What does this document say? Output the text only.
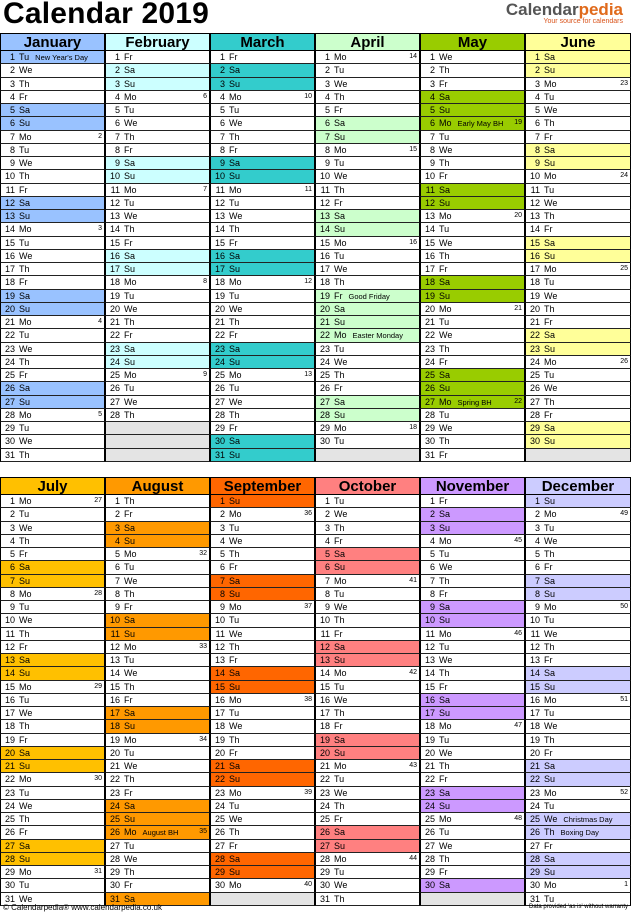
Calendar 2019	Calendarpedia
Your source for calendars
January
1 Tu New Year's Day
2 We
3 Th
4 Fr
5 Sa
6 Su
7 Mo	2
8 Tu
9 We
10 Th
11 Fr
12 Sa
13 Su
14 Mo	3
15 Tu
16 We
17 Th
18 Fr
19 Sa
20 Su
21 Mo	4
22 Tu
23 We
24 Th
25 Fr
26 Sa
27 Su
28 Mo	5
29 Tu
30 We
31 Th
February
1 Fr
2 Sa
3 Su
4 Mo	6
5 Tu
6 We
7 Th
8 Fr
9 Sa
10 Su
11 Mo	7
12 Tu
13 We
14 Th
15 Fr
16 Sa
17 Su
18 Mo	8
19 Tu
20 We
21 Th
22 Fr
23 Sa
24 Su
25 Mo	9
26 Tu
27 We
28 Th
March
1 Fr
2 Sa
3 Su
4 Mo	10
5 Tu
6 We
7 Th
8 Fr
9 Sa
10 Su
11 Mo	11
12 Tu
13 We
14 Th
15 Fr
16 Sa
17 Su
18 Mo	12
19 Tu
20 We
21 Th
22 Fr
23 Sa
24 Su
25 Mo	13
26 Tu
27 We
28 Th
29 Fr
30 Sa
31 Su
April
1 Mo	14
2 Tu
3 We
4 Th
5 Fr
6 Sa
7 Su
8 Mo	15
9 Tu
10 We
11 Th
12 Fr
13 Sa
14 Su
15 Mo	16
16 Tu
17 We
18 Th
19 Fr Good Friday
20 Sa
21 Su
22 Mo Easter Monday
23 Tu
24 We
25 Th
26 Fr
27 Sa
28 Su
29 Mo	18
30 Tu
May
1 We
2 Th
3 Fr
4 Sa
5 Su
6 Mo Early May BH 19
7 Tu
8 We
9 Th
10 Fr
11 Sa
12 Su
13 Mo	20
14 Tu
15 We
16 Th
17 Fr
18 Sa
19 Su
20 Mo	21
21 Tu
22 We
23 Th
24 Fr
25 Sa
26 Su
27 Mo Spring BH	22
28 Tu
29 We
30 Th
31 Fr
June
1 Sa
2 Su
3 Mo	23
4 Tu
5 We
6 Th
7 Fr
8 Sa
9 Su
10 Mo	24
11 Tu
12 We
13 Th
14 Fr
15 Sa
16 Su
17 Mo	25
18 Tu
19 We
20 Th
21 Fr
22 Sa
23 Su
24 Mo	26
25 Tu
26 We
27 Th
28 Fr
29 Sa
30 Su
July
1 Mo	27
2 Tu
3 We
4 Th
5 Fr
6 Sa
7 Su
8 Mo	28
9 Tu
10 We
11 Th
12 Fr
13 Sa
14 Su
15 Mo	29
16 Tu
17 We
18 Th
19 Fr
20 Sa
21 Su
22 Mo	30
23 Tu
24 We
25 Th
26 Fr
27 Sa
28 Su
29 Mo	31
30 Tu
31 We
August
1 Th
2 Fr
3 Sa
4 Su
5 Mo	32
6 Tu
7 We
8 Th
9 Fr
10 Sa
11 Su
12 Mo	33
13 Tu
14 We
15 Th
16 Fr
17 Sa
18 Su
19 Mo	34
20 Tu
21 We
22 Th
23 Fr
24 Sa
25 Su
26 Mo August BH	35
27 Tu
28 We
29 Th
30 Fr
31 Sa
September
1 Su
2 Mo	36
3 Tu
4 We
5 Th
6 Fr
7 Sa
8 Su
9 Mo	37
10 Tu
11 We
12 Th
13 Fr
14 Sa
15 Su
16 Mo	38
17 Tu
18 We
19 Th
20 Fr
21 Sa
22 Su
23 Mo	39
24 Tu
25 We
26 Th
27 Fr
28 Sa
29 Su
30 Mo	40
October
1 Tu
2 We
3 Th
4 Fr
5 Sa
6 Su
7 Mo	41
8 Tu
9 We
10 Th
11 Fr
12 Sa
13 Su
14 Mo	42
15 Tu
16 We
17 Th
18 Fr
19 Sa
20 Su
21 Mo	43
22 Tu
23 We
24 Th
25 Fr
26 Sa
27 Su
28 Mo	44
29 Tu
30 We
31 Th
November
1 Fr
2 Sa
3 Su
4 Mo	45
5 Tu
6 We
7 Th
8 Fr
9 Sa
10 Su
11 Mo	46
12 Tu
13 We
14 Th
15 Fr
16 Sa
17 Su
18 Mo	47
19 Tu
20 We
21 Th
22 Fr
23 Sa
24 Su
25 Mo	48
26 Tu
27 We
28 Th
29 Fr
30 Sa
December
1 Su
2 Mo	49
3 Tu
4 We
5 Th
6 Fr
7 Sa
8 Su
9 Mo	50
10 Tu
11 We
12 Th
13 Fr
14 Sa
15 Su
16 Mo	51
17 Tu
18 We
19 Th
20 Fr
21 Sa
22 Su
23 Mo	52
24 Tu
25 We Christmas Day
26 Th Boxing Day
27 Fr
28 Sa
29 Su
30 Mo	1
31 Tu
© Calendarpedia® www.calendarpedia.co.uk	Data provided 'as is' without warranty
